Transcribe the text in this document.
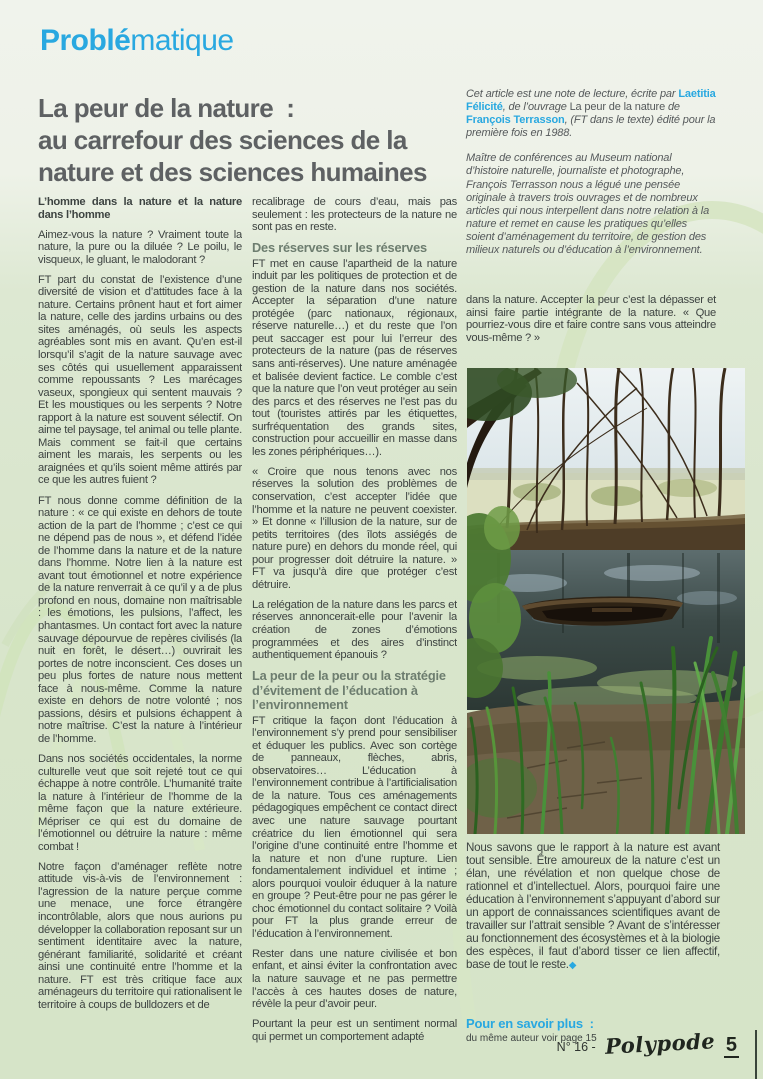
Problématique
La peur de la nature  :
au carrefour des sciences de la
nature et des sciences humaines

L’homme dans la nature et la nature dans l’homme

Aimez-vous la nature ? Vraiment toute la nature, la pure ou la diluée ? Le poilu, le visqueux, le gluant, le malodorant ?

FT part du constat de l’existence d’une diversité de vision et d’attitudes face à la nature. Certains prônent haut et fort aimer la nature, celle des jardins urbains ou des sites aménagés, où seuls les aspects agréables sont mis en avant. Qu’en est-il lorsqu’il s’agit de la nature sauvage avec ses côtés qui usuellement apparaissent comme repoussants ? Les marécages vaseux, spongieux qui sentent mauvais ? Et les moustiques ou les serpents ? Notre rapport à la nature est souvent sélectif. On aime tel paysage, tel animal ou telle plante. Mais comment se fait-il que certains aiment les marais, les serpents ou les araignées et qu’ils soient même attirés par ce que les autres fuient ?

FT nous donne comme définition de la nature : « ce qui existe en dehors de toute action de la part de l’homme ; c’est ce qui ne dépend pas de nous », et défend l’idée de l’homme dans la nature et de la nature dans l’homme. Notre lien à la nature est avant tout émotionnel et notre expérience de la nature renverrait à ce qu’il y a de plus profond en nous, domaine non maîtrisable : les émotions, les pulsions, l’affect, les phantasmes. Un contact fort avec la nature sauvage dépourvue de repères civilisés (la nuit en forêt, le désert…) ouvrirait les portes de notre inconscient. Ces doses un peu plus fortes de nature nous mettent face à nous-même. Comme la nature existe en dehors de notre volonté ; nos passions, désirs et pulsions échappent à notre maîtrise. C’est la nature à l’intérieur de l’homme.

Dans nos sociétés occidentales, la norme culturelle veut que soit rejeté tout ce qui échappe à notre contrôle. L’humanité traite la nature à l’intérieur de l’homme de la même façon que la nature extérieure. Mépriser ce qui est du domaine de l’émotionnel ou détruire la nature : même combat !

Notre façon d’aménager reflète notre attitude vis-à-vis de l’environnement : l’agression de la nature perçue comme une menace, une force étrangère incontrôlable, alors que nous aurions pu développer la collaboration reposant sur un sentiment identitaire avec la nature, générant familiarité, solidarité et créant ainsi une continuité entre l’homme et la nature. FT est très critique face aux aménageurs du territoire qui rationalisent le territoire à coups de bulldozers et de

recalibrage de cours d’eau, mais pas seulement : les protecteurs de la nature ne sont pas en reste.

Des réserves sur les réserves

FT met en cause l’apartheid de la nature induit par les politiques de protection et de gestion de la nature dans nos sociétés. Accepter la séparation d’une nature protégée (parc nationaux, régionaux, réserve naturelle…) et du reste que l’on peut saccager est pour lui l’erreur des protecteurs de la nature (pas de réserves sans anti-réserves). Une nature aménagée et balisée devient factice. Le comble c’est que la nature que l’on veut protéger au sein des parcs et des réserves ne l’est pas du tout (touristes attirés par les étiquettes, surfréquentation des grands sites, construction pour accueillir en masse dans les zones périphériques…).

« Croire que nous tenons avec nos réserves la solution des problèmes de conservation, c’est accepter l’idée que l’homme et la nature ne peuvent coexister. » Et donne « l’illusion de la nature, sur de petits territoires (des îlots assiégés de nature pure) en dehors du monde réel, qui pour progresser doit détruire la nature. » FT va jusqu’à dire que protéger c’est détruire.

La relégation de la nature dans les parcs et réserves annoncerait-elle pour l’avenir la création de zones d’émotions programmées et des aires d’instinct authentiquement épanouis ?

La peur de la peur ou la stratégie d’évitement de l’éducation à l’environnement

FT critique la façon dont l’éducation à l’environnement s’y prend pour sensibiliser et éduquer les publics. Avec son cortège de panneaux, flèches, abris, observatoires… L’éducation à l’environnement contribue à l’artificialisation de la nature. Tous ces aménagements pédagogiques empêchent ce contact direct avec une nature sauvage pourtant créatrice du lien émotionnel qui sera l’origine d’une continuité entre l’homme et la nature et non d’une rupture. Lien fondamentalement individuel et intime ; alors pourquoi vouloir éduquer à la nature en groupe ? Peut-être pour ne pas gérer le choc émotionnel du contact solitaire ? Voilà pour FT la plus grande erreur de l’éducation à l’environnement.

Rester dans une nature civilisée et bon enfant, et ainsi éviter la confrontation avec la nature sauvage et ne pas permettre l’accès à ces hautes doses de nature, révèle la peur d’avoir peur.

Pourtant la peur est un sentiment normal qui permet un comportement adapté

Cet article est une note de lecture, écrite par Laetitia Félicité, de l’ouvrage La peur de la nature de François Terrasson, (FT dans le texte) édité pour la première fois en 1988.

Maître de conférences au Museum national d’histoire naturelle, journaliste et photographe, François Terrasson nous a légué une pensée originale à travers trois ouvrages et de nombreux articles qui nous interpellent dans notre relation à la nature et remet en cause les pratiques qu’elles soient d’aménagement du territoire, de gestion des milieux naturels ou d’éducation à l’environnement.

dans la nature. Accepter la peur c’est la dépasser et ainsi faire partie intégrante de la nature. « Que pourriez-vous dire et faire contre sans vous atteindre vous-même ? »

Nous savons que le rapport à la nature est avant tout sensible. Être amoureux de la nature c’est un élan, une révélation et non quelque chose de rationnel et d’intellectuel. Alors, pourquoi faire une éducation à l’environnement s’appuyant d’abord sur un apport de connaissances scientifiques avant de travailler sur l’attrait sensible ? Avant de s’intéresser au fonctionnement des écosystèmes et à la biologie des espèces, il faut d’abord tisser ce lien affectif, base de tout le reste.◆

Pour en savoir plus  :
du même auteur voir page 15
N° 16 - Polypode 5
